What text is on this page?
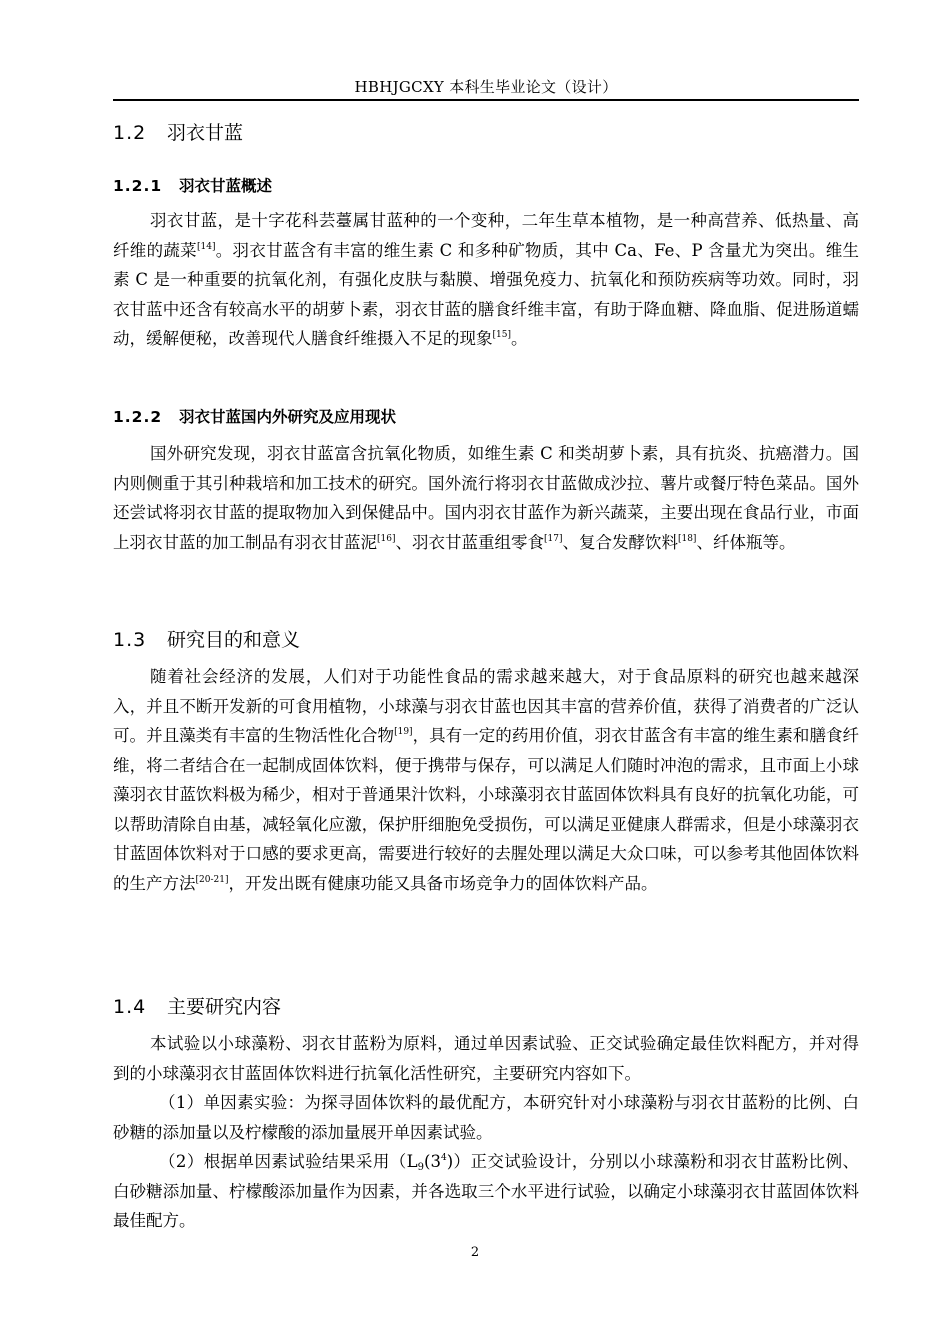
HBHJGCXY 本科生毕业论文（设计）
1.2 羽衣甘蓝
1.2.1 羽衣甘蓝概述

羽衣甘蓝，是十字花科芸薹属甘蓝种的一个变种，二年生草本植物，是一种高营养、低热量、高纤维的蔬菜[14]。羽衣甘蓝含有丰富的维生素 C 和多种矿物质，其中 Ca、Fe、P 含量尤为突出。维生素 C 是一种重要的抗氧化剂，有强化皮肤与黏膜、增强免疫力、抗氧化和预防疾病等功效。同时，羽衣甘蓝中还含有较高水平的胡萝卜素，羽衣甘蓝的膳食纤维丰富，有助于降血糖、降血脂、促进肠道蠕动，缓解便秘，改善现代人膳食纤维摄入不足的现象[15]。

1.2.2 羽衣甘蓝国内外研究及应用现状

国外研究发现，羽衣甘蓝富含抗氧化物质，如维生素 C 和类胡萝卜素，具有抗炎、抗癌潜力。国内则侧重于其引种栽培和加工技术的研究。国外流行将羽衣甘蓝做成沙拉、薯片或餐厅特色菜品。国外还尝试将羽衣甘蓝的提取物加入到保健品中。国内羽衣甘蓝作为新兴蔬菜，主要出现在食品行业，市面上羽衣甘蓝的加工制品有羽衣甘蓝泥[16]、羽衣甘蓝重组零食[17]、复合发酵饮料[18]、纤体瓶等。

1.3 研究目的和意义

随着社会经济的发展，人们对于功能性食品的需求越来越大，对于食品原料的研究也越来越深入，并且不断开发新的可食用植物，小球藻与羽衣甘蓝也因其丰富的营养价值，获得了消费者的广泛认可。并且藻类有丰富的生物活性化合物[19]，具有一定的药用价值，羽衣甘蓝含有丰富的维生素和膳食纤维，将二者结合在一起制成固体饮料，便于携带与保存，可以满足人们随时冲泡的需求，且市面上小球藻羽衣甘蓝饮料极为稀少，相对于普通果汁饮料，小球藻羽衣甘蓝固体饮料具有良好的抗氧化功能，可以帮助清除自由基，减轻氧化应激，保护肝细胞免受损伤，可以满足亚健康人群需求，但是小球藻羽衣甘蓝固体饮料对于口感的要求更高，需要进行较好的去腥处理以满足大众口味，可以参考其他固体饮料的生产方法[20-21]，开发出既有健康功能又具备市场竞争力的固体饮料产品。

1.4 主要研究内容

本试验以小球藻粉、羽衣甘蓝粉为原料，通过单因素试验、正交试验确定最佳饮料配方，并对得到的小球藻羽衣甘蓝固体饮料进行抗氧化活性研究，主要研究内容如下。

（1）单因素实验：为探寻固体饮料的最优配方，本研究针对小球藻粉与羽衣甘蓝粉的比例、白砂糖的添加量以及柠檬酸的添加量展开单因素试验。

（2）根据单因素试验结果采用$(L_9(3^4))$正交试验设计，分别以小球藻粉和羽衣甘蓝粉比例、白砂糖添加量、柠檬酸添加量作为因素，并各选取三个水平进行试验，以确定小球藻羽衣甘蓝固体饮料最佳配方。

2
